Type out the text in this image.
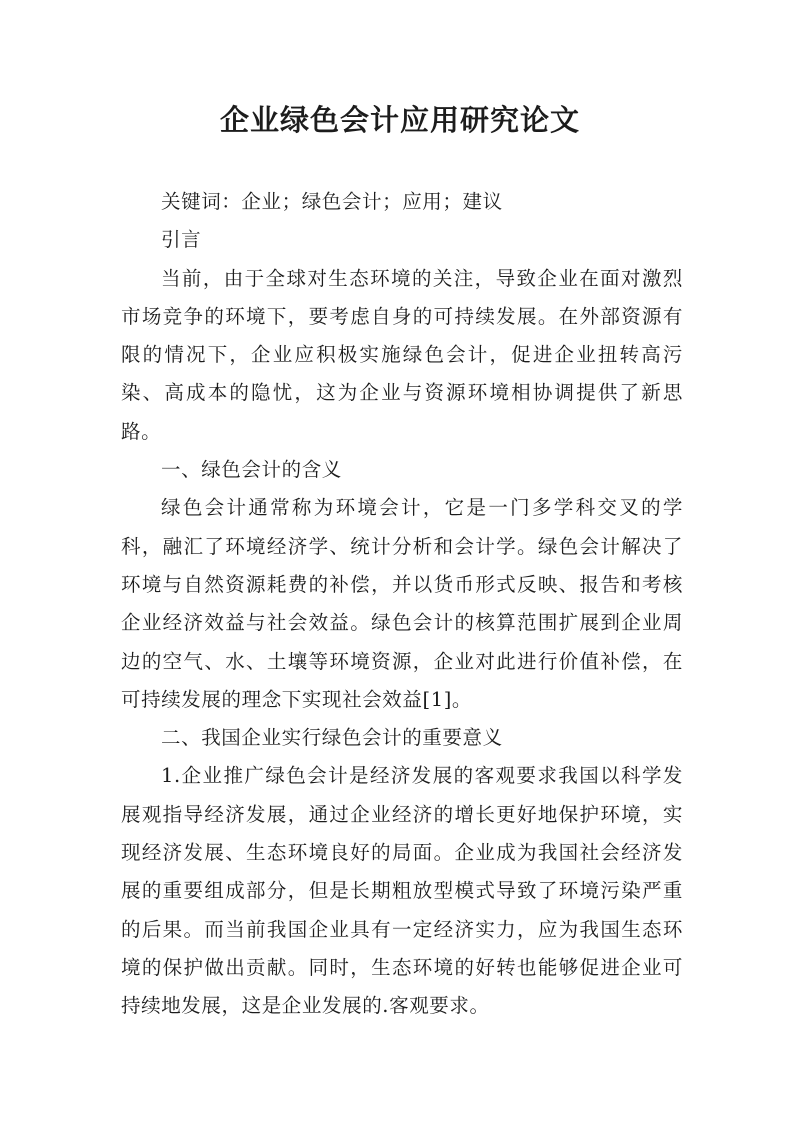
企业绿色会计应用研究论文

关键词：企业；绿色会计；应用；建议

引言

当前，由于全球对生态环境的关注，导致企业在面对激烈市场竞争的环境下，要考虑自身的可持续发展。在外部资源有限的情况下，企业应积极实施绿色会计，促进企业扭转高污染、高成本的隐忧，这为企业与资源环境相协调提供了新思路。

一、绿色会计的含义

绿色会计通常称为环境会计，它是一门多学科交叉的学科，融汇了环境经济学、统计分析和会计学。绿色会计解决了环境与自然资源耗费的补偿，并以货币形式反映、报告和考核企业经济效益与社会效益。绿色会计的核算范围扩展到企业周边的空气、水、土壤等环境资源，企业对此进行价值补偿，在可持续发展的理念下实现社会效益[1]。

二、我国企业实行绿色会计的重要意义

1.企业推广绿色会计是经济发展的客观要求我国以科学发展观指导经济发展，通过企业经济的增长更好地保护环境，实现经济发展、生态环境良好的局面。企业成为我国社会经济发展的重要组成部分，但是长期粗放型模式导致了环境污染严重的后果。而当前我国企业具有一定经济实力，应为我国生态环境的保护做出贡献。同时，生态环境的好转也能够促进企业可持续地发展，这是企业发展的.客观要求。
